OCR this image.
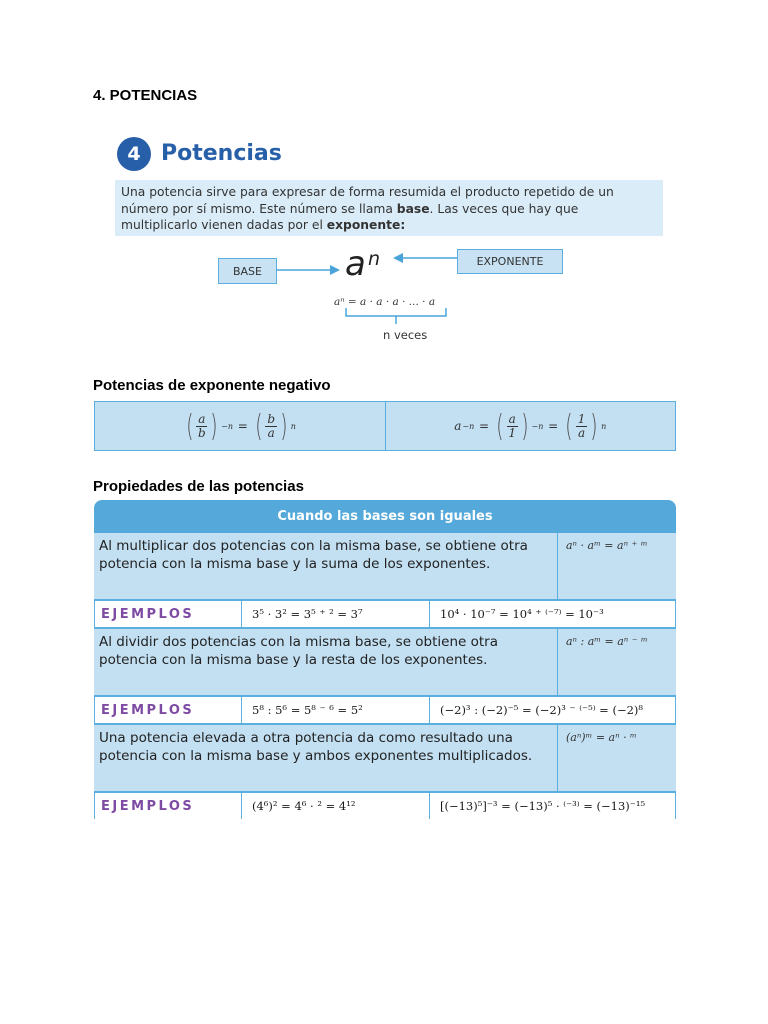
4. POTENCIAS
4 Potencias
Una potencia sirve para expresar de forma resumida el producto repetido de un número por sí mismo. Este número se llama base. Las veces que hay que multiplicarlo vienen dadas por el exponente:
BASE
EXPONENTE
a n
aⁿ = a · a · a · ... · a
n veces
Potencias de exponente negativo
( $\frac{a}{b}$ ) −n = ( $\frac{b}{a}$ ) n	a −n = ( $\frac{a}{1}$ ) −n = ( $\frac{1}{a}$ ) n
Propiedades de las potencias
Cuando las bases son iguales
Al multiplicar dos potencias con la misma base, se obtiene otra potencia con la misma base y la suma de los exponentes.
aⁿ · aᵐ = aⁿ ⁺ ᵐ
EJEMPLOS	3⁵ · 3² = 3⁵ ⁺ ² = 3⁷	10⁴ · 10⁻⁷ = 10⁴ ⁺ ⁽⁻⁷⁾ = 10⁻³
Al dividir dos potencias con la misma base, se obtiene otra potencia con la misma base y la resta de los exponentes.
aⁿ : aᵐ = aⁿ ⁻ ᵐ
EJEMPLOS	5⁸ : 5⁶ = 5⁸ ⁻ ⁶ = 5²	(−2)³ : (−2)⁻⁵ = (−2)³ ⁻ ⁽⁻⁵⁾ = (−2)⁸
Una potencia elevada a otra potencia da como resultado una potencia con la misma base y ambos exponentes multiplicados.
(aⁿ)ᵐ = aⁿ · ᵐ
EJEMPLOS	(4⁶)² = 4⁶ · ² = 4¹²	[(−13)⁵]⁻³ = (−13)⁵ · ⁽⁻³⁾ = (−13)⁻¹⁵
